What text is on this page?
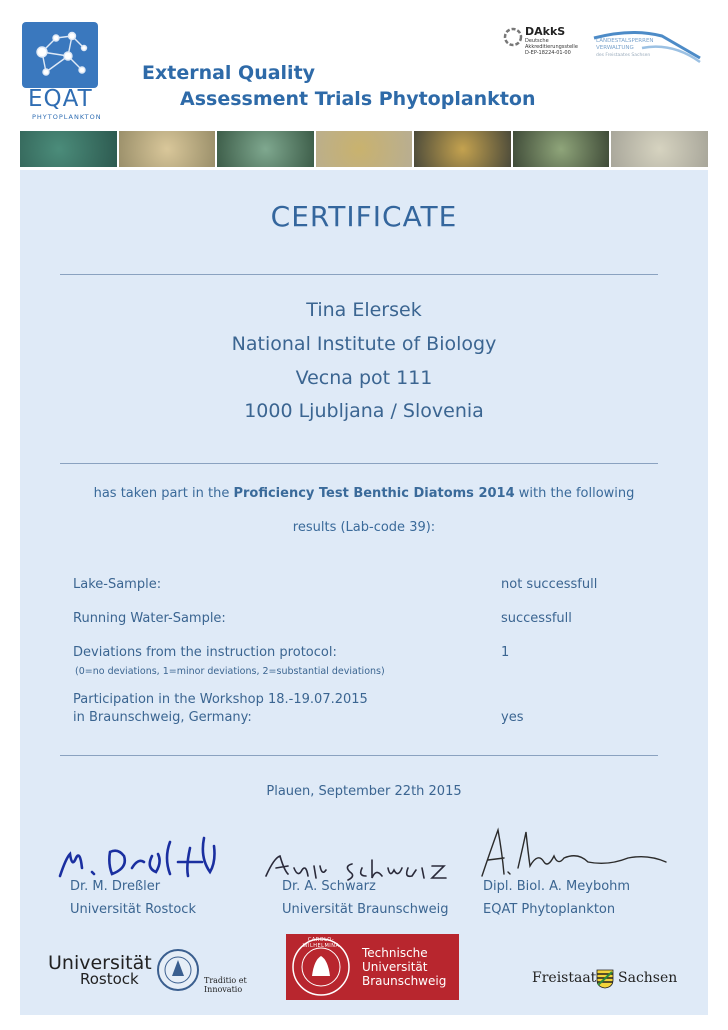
EQAT
PHYTOPLANKTON
External Quality
Assessment Trials Phytoplankton
DAkkS
Deutsche
Akkreditierungsstelle
D-EP-18224-01-00
LANDESTALSPERREN
VERWALTUNG
des Freistaates Sachsen
CERTIFICATE
Tina Elersek
National Institute of Biology
Vecna pot 111
1000 Ljubljana / Slovenia
has taken part in the Proficiency Test Benthic Diatoms 2014 with the following
results (Lab-code 39):
Lake-Sample:	not successfull
Running Water-Sample:	successfull
Deviations from the instruction protocol:	1
(0=no deviations, 1=minor deviations, 2=substantial deviations)
Participation in the Workshop 18.-19.07.2015
in Braunschweig, Germany:	yes
Plauen, September 22th 2015
Dr. M. Dreßler
Universität Rostock
Dr. A. Schwarz
Universität Braunschweig
Dipl. Biol. A. Meybohm
EQAT Phytoplankton
Universität
Rostock	Traditio et Innovatio
CAROLO-WILHELMINA	Technische
Universität
Braunschweig	Freistaat Sachsen
